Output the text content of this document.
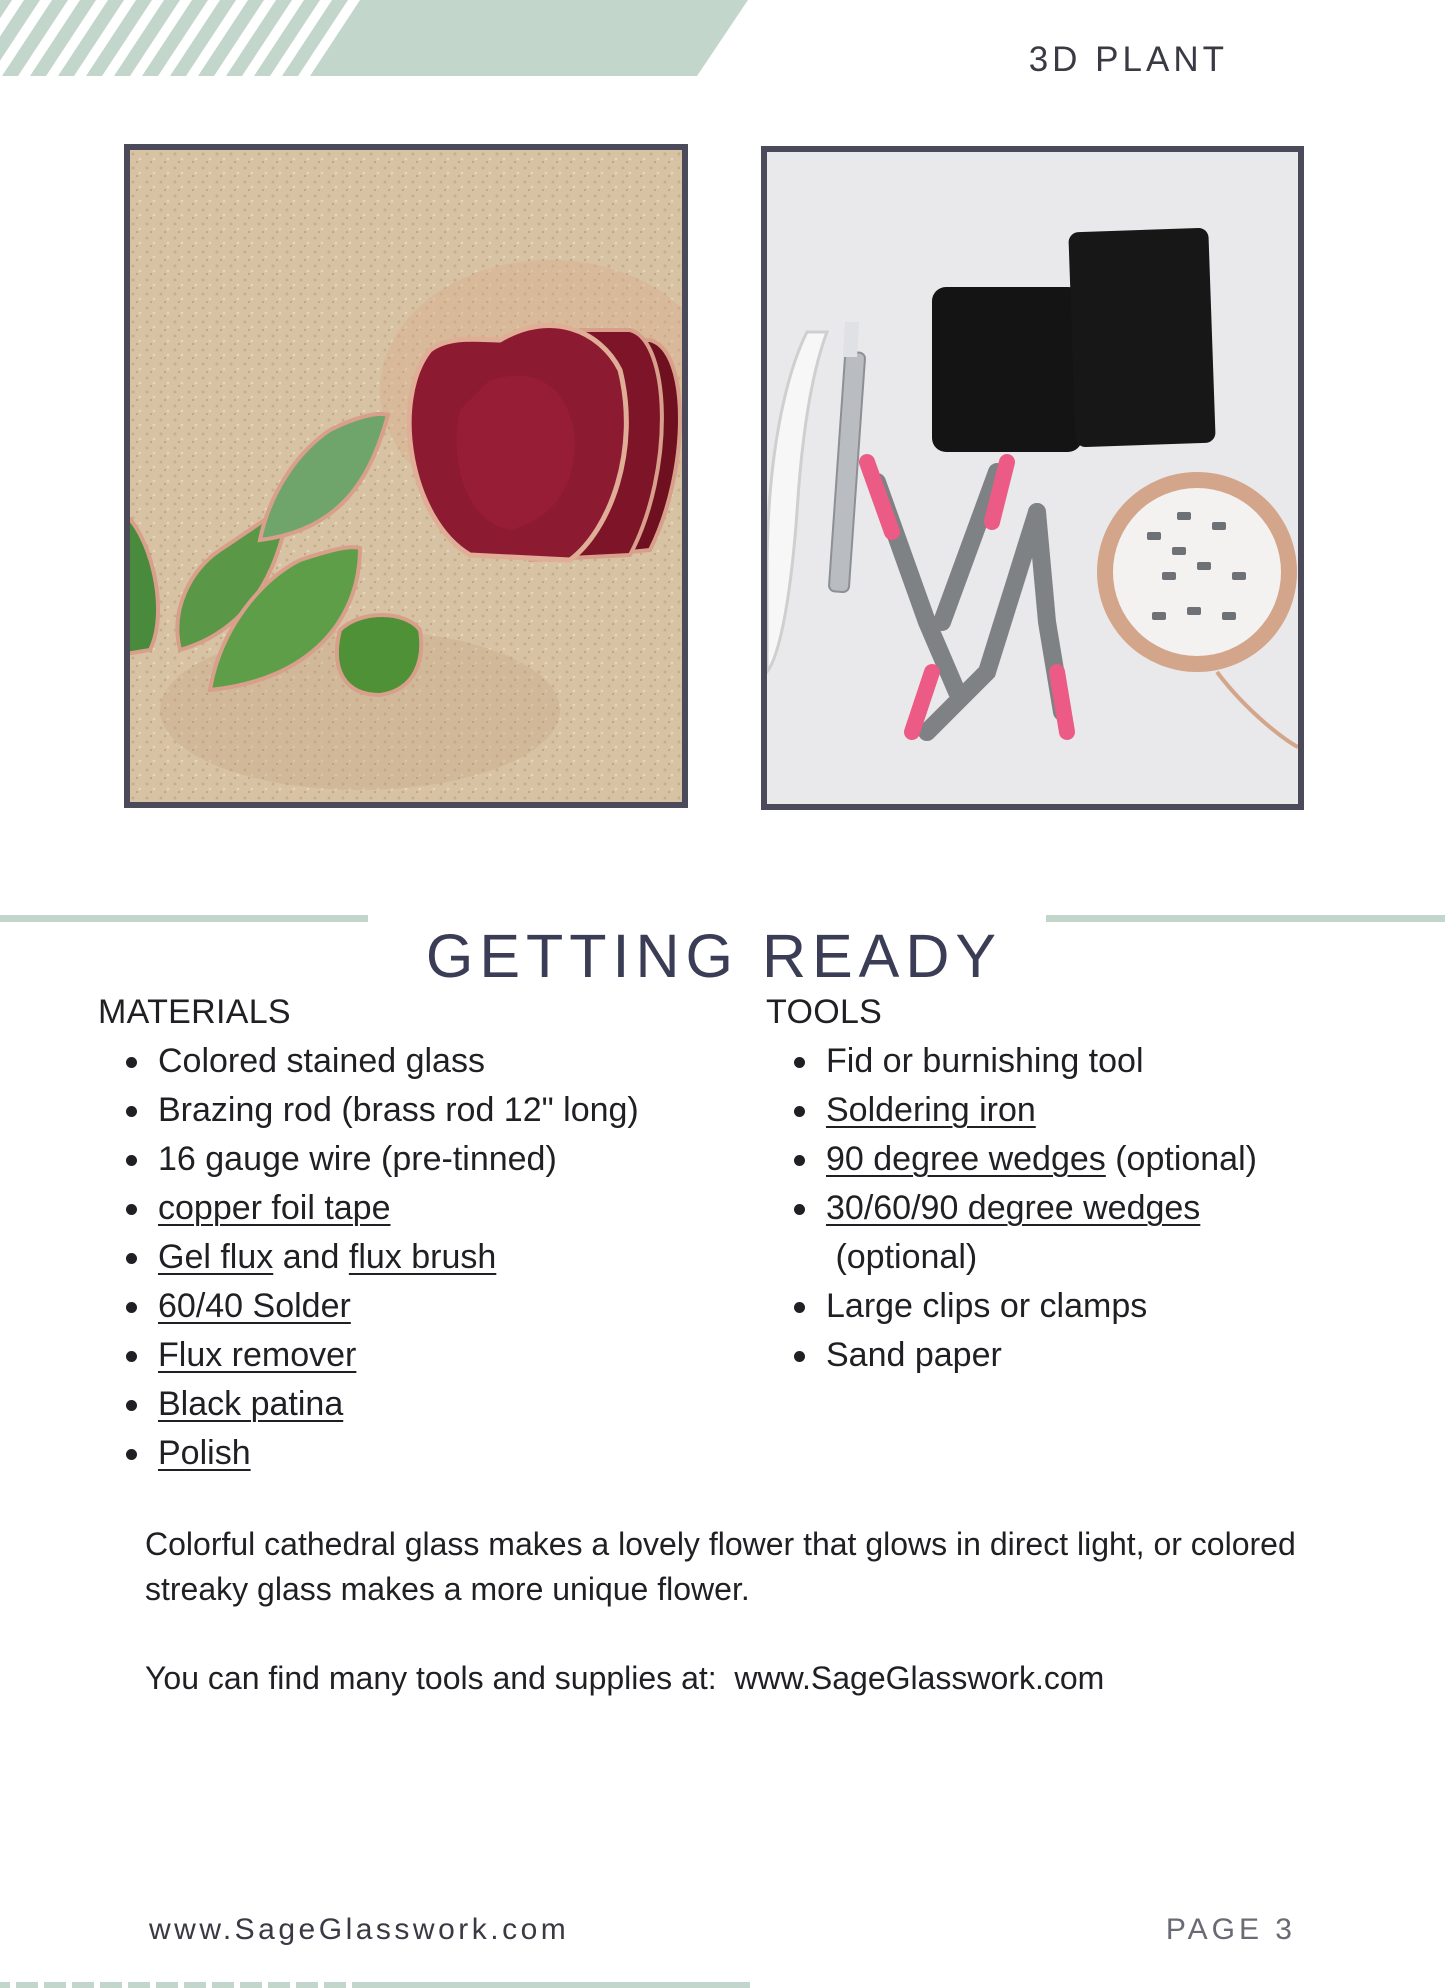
3D PLANT
GETTING READY
MATERIALS
Colored stained glass
Brazing rod (brass rod 12" long)
16 gauge wire (pre-tinned)
copper foil tape
Gel flux and flux brush
60/40 Solder
Flux remover
Black patina
Polish
TOOLS
Fid or burnishing tool
Soldering iron
90 degree wedges (optional)
30/60/90 degree wedges (optional)
Large clips or clamps
Sand paper

Colorful cathedral glass makes a lovely flower that glows in direct light, or colored streaky glass makes a more unique flower.

You can find many tools and supplies at:  www.SageGlasswork.com

www.SageGlasswork.com	PAGE 3
